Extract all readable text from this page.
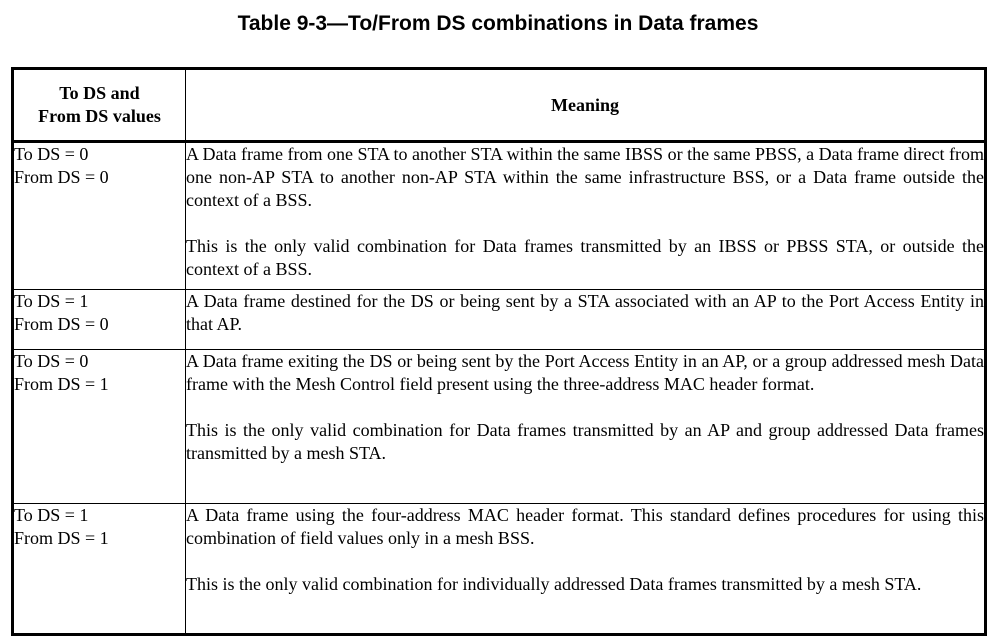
Table 9-3—To/From DS combinations in Data frames
To DS and
From DS values	Meaning

To DS = 0
From DS = 0	A Data frame from one STA to another STA within the same IBSS or the same PBSS, a Data frame direct from one non-AP STA to another non-AP STA within the same infrastructure BSS, or a Data frame outside the context of a BSS.
This is the only valid combination for Data frames transmitted by an IBSS or PBSS STA, or outside the context of a BSS.

To DS = 1
From DS = 0	A Data frame destined for the DS or being sent by a STA associated with an AP to the Port Access Entity in that AP.

To DS = 0
From DS = 1	A Data frame exiting the DS or being sent by the Port Access Entity in an AP, or a group addressed mesh Data frame with the Mesh Control field present using the three-address MAC header format.
This is the only valid combination for Data frames transmitted by an AP and group addressed Data frames transmitted by a mesh STA.

To DS = 1
From DS = 1	A Data frame using the four-address MAC header format. This standard defines procedures for using this combination of field values only in a mesh BSS.
This is the only valid combination for individually addressed Data frames transmitted by a mesh STA.
